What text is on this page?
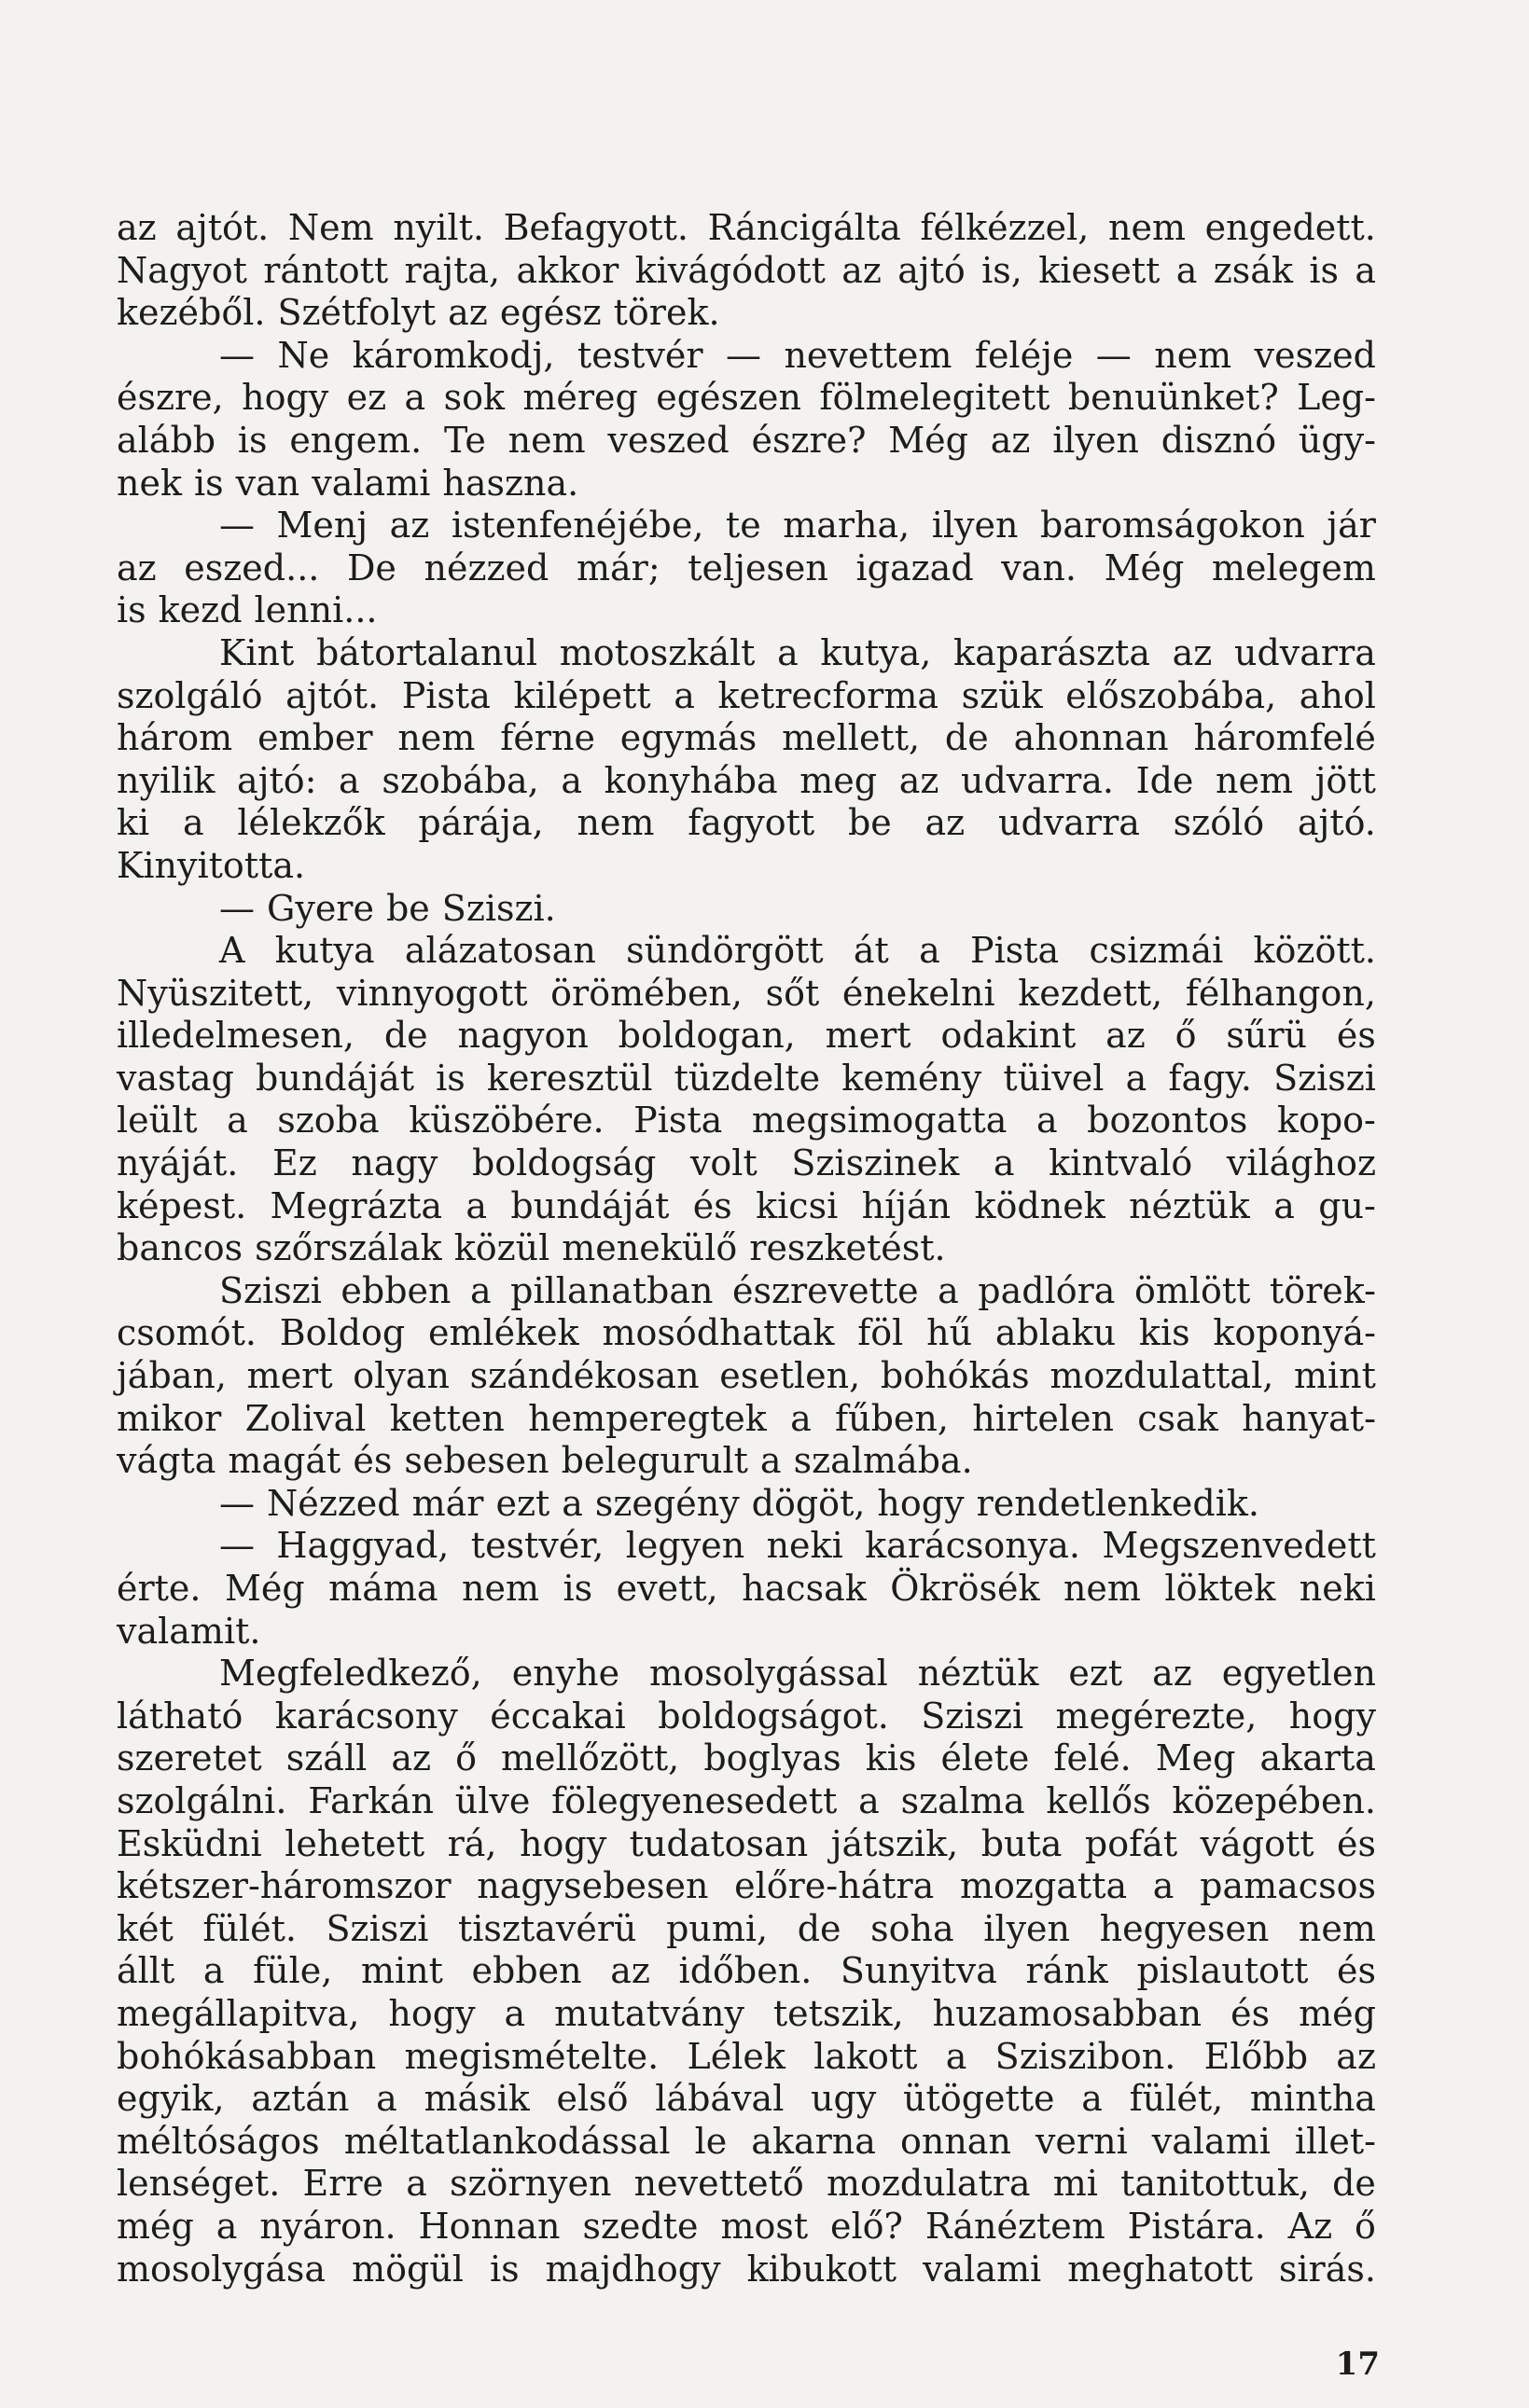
az ajtót. Nem nyilt. Befagyott. Ráncigálta félkézzel, nem engedett.
Nagyot rántott rajta, akkor kivágódott az ajtó is, kiesett a zsák is a
kezéből. Szétfolyt az egész törek.
— Ne káromkodj, testvér — nevettem feléje — nem veszed
észre, hogy ez a sok méreg egészen fölmelegitett benuünket? Leg-
alább is engem. Te nem veszed észre? Még az ilyen disznó ügy-
nek is van valami haszna.
— Menj az istenfenéjébe, te marha, ilyen baromságokon jár
az eszed... De nézzed már; teljesen igazad van. Még melegem
is kezd lenni...
Kint bátortalanul motoszkált a kutya, kaparászta az udvarra
szolgáló ajtót. Pista kilépett a ketrecforma szük előszobába, ahol
három ember nem férne egymás mellett, de ahonnan háromfelé
nyilik ajtó: a szobába, a konyhába meg az udvarra. Ide nem jött
ki a lélekzők párája, nem fagyott be az udvarra szóló ajtó.
Kinyitotta.
— Gyere be Sziszi.
A kutya alázatosan sündörgött át a Pista csizmái között.
Nyüszitett, vinnyogott örömében, sőt énekelni kezdett, félhangon,
illedelmesen, de nagyon boldogan, mert odakint az ő sűrü és
vastag bundáját is keresztül tüzdelte kemény tüivel a fagy. Sziszi
leült a szoba küszöbére. Pista megsimogatta a bozontos kopo-
nyáját. Ez nagy boldogság volt Sziszinek a kintvaló világhoz
képest. Megrázta a bundáját és kicsi híján ködnek néztük a gu-
bancos szőrszálak közül menekülő reszketést.
Sziszi ebben a pillanatban észrevette a padlóra ömlött törek-
csomót. Boldog emlékek mosódhattak föl hű ablaku kis koponyá-
jában, mert olyan szándékosan esetlen, bohókás mozdulattal, mint
mikor Zolival ketten hemperegtek a fűben, hirtelen csak hanyat-
vágta magát és sebesen belegurult a szalmába.
— Nézzed már ezt a szegény dögöt, hogy rendetlenkedik.
— Haggyad, testvér, legyen neki karácsonya. Megszenvedett
érte. Még máma nem is evett, hacsak Ökrösék nem löktek neki
valamit.
Megfeledkező, enyhe mosolygással néztük ezt az egyetlen
látható karácsony éccakai boldogságot. Sziszi megérezte, hogy
szeretet száll az ő mellőzött, boglyas kis élete felé. Meg akarta
szolgálni. Farkán ülve fölegyenesedett a szalma kellős közepében.
Esküdni lehetett rá, hogy tudatosan játszik, buta pofát vágott és
kétszer-háromszor nagysebesen előre-hátra mozgatta a pamacsos
két fülét. Sziszi tisztavérü pumi, de soha ilyen hegyesen nem
állt a füle, mint ebben az időben. Sunyitva ránk pislautott és
megállapitva, hogy a mutatvány tetszik, huzamosabban és még
bohókásabban megismételte. Lélek lakott a Sziszibon. Előbb az
egyik, aztán a másik első lábával ugy ütögette a fülét, mintha
méltóságos méltatlankodással le akarna onnan verni valami illet-
lenséget. Erre a szörnyen nevettető mozdulatra mi tanitottuk, de
még a nyáron. Honnan szedte most elő? Ránéztem Pistára. Az ő
mosolygása mögül is majdhogy kibukott valami meghatott sirás.
17
